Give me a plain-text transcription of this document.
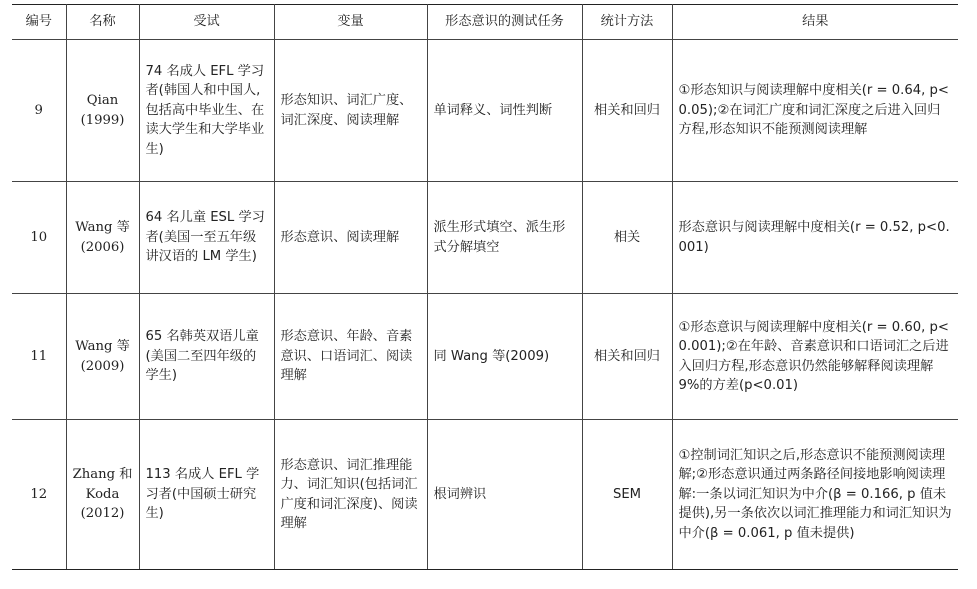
编号	名称	受试	变量	形态意识的测试任务	统计方法	结果
9	Qian (1999)	74 名成人 EFL 学习者(韩国人和中国人,包括高中毕业生、在读大学生和大学毕业生)	形态知识、词汇广度、词汇深度、阅读理解	单词释义、词性判断	相关和回归	①形态知识与阅读理解中度相关(r = 0.64, p<0.05);②在词汇广度和词汇深度之后进入回归方程,形态知识不能预测阅读理解
10	Wang 等 (2006)	64 名儿童 ESL 学习者(美国一至五年级讲汉语的 LM 学生)	形态意识、阅读理解	派生形式填空、派生形式分解填空	相关	形态意识与阅读理解中度相关(r = 0.52, p<0.001)
11	Wang 等 (2009)	65 名韩英双语儿童(美国二至四年级的学生)	形态意识、年龄、音素意识、口语词汇、阅读理解	同 Wang 等(2009)	相关和回归	①形态意识与阅读理解中度相关(r = 0.60, p<0.001);②在年龄、音素意识和口语词汇之后进入回归方程,形态意识仍然能够解释阅读理解 9%的方差(p<0.01)
12	Zhang 和 Koda (2012)	113 名成人 EFL 学习者(中国硕士研究生)	形态意识、词汇推理能力、词汇知识(包括词汇广度和词汇深度)、阅读理解	根词辨识	SEM	①控制词汇知识之后,形态意识不能预测阅读理解;②形态意识通过两条路径间接地影响阅读理解:一条以词汇知识为中介(β = 0.166, p 值未提供),另一条依次以词汇推理能力和词汇知识为中介(β = 0.061, p 值未提供)
